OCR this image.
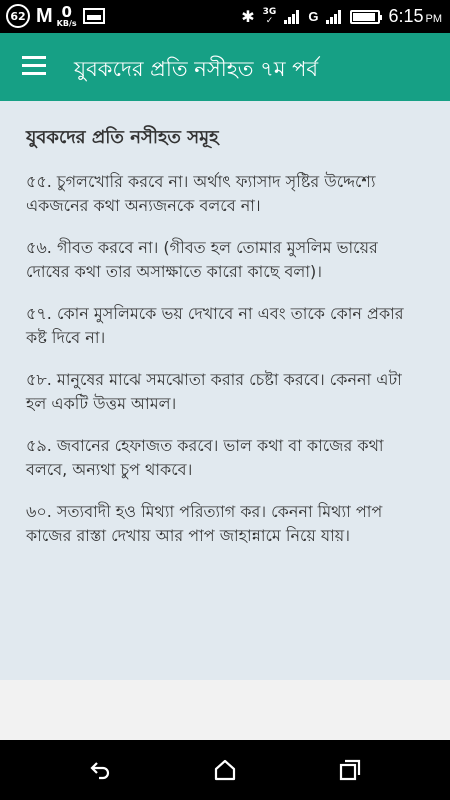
62 M 0
KB/s	✱ 3G
✓	G	6:15 PM
যুবকদের প্রতি নসীহত ৭ম পর্ব
যুবকদের প্রতি নসীহত সমূহ
৫৫. চুগলখোরি করবে না। অর্থাৎ ফ্যাসাদ সৃষ্টির উদ্দেশ্যে একজনের কথা অন্যজনকে বলবে না।
৫৬. গীবত করবে না। (গীবত হল তোমার মুসলিম ভায়ের দোষের কথা তার অসাক্ষাতে কারো কাছে বলা)।
৫৭. কোন মুসলিমকে ভয় দেখাবে না এবং তাকে কোন প্রকার কষ্ট দিবে না।
৫৮. মানুষের মাঝে সমঝোতা করার চেষ্টা করবে। কেননা এটা হল একটি উত্তম আমল।
৫৯. জবানের হেফাজত করবে। ভাল কথা বা কাজের কথা বলবে, অন্যথা চুপ থাকবে।
৬০. সত্যবাদী হও মিথ্যা পরিত্যাগ কর। কেননা মিথ্যা পাপ কাজের রাস্তা দেখায় আর পাপ জাহান্নামে নিয়ে যায়।
